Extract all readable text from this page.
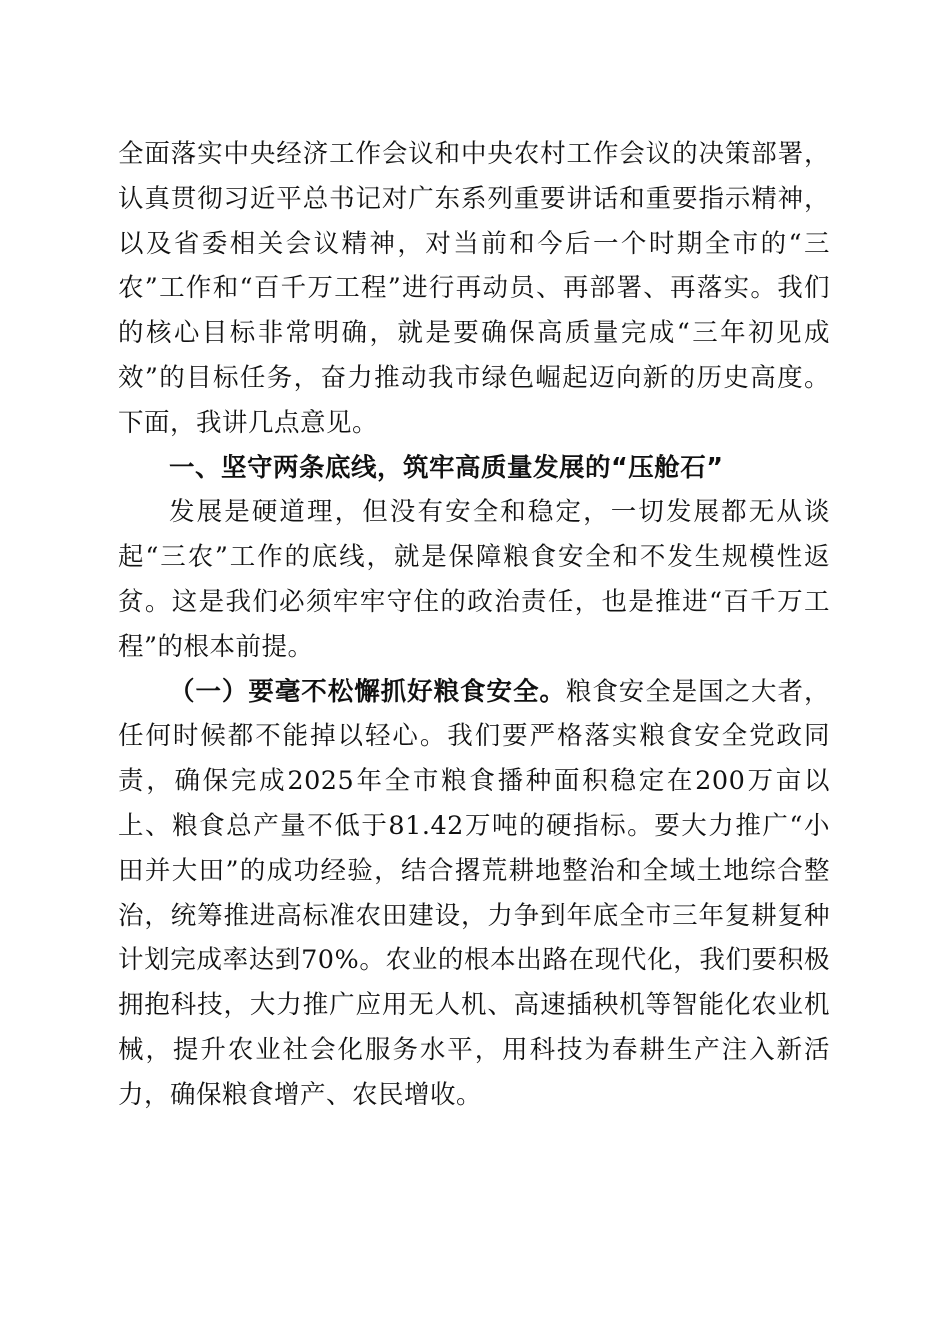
全面落实中央经济工作会议和中央农村工作会议的决策部署，认真贯彻习近平总书记对广东系列重要讲话和重要指示精神，以及省委相关会议精神，对当前和今后一个时期全市的“三农”工作和“百千万工程”进行再动员、再部署、再落实。我们的核心目标非常明确，就是要确保高质量完成“三年初见成效”的目标任务，奋力推动我市绿色崛起迈向新的历史高度。下面，我讲几点意见。

一、坚守两条底线，筑牢高质量发展的“压舱石”

发展是硬道理，但没有安全和稳定，一切发展都无从谈起“三农”工作的底线，就是保障粮食安全和不发生规模性返贫。这是我们必须牢牢守住的政治责任，也是推进“百千万工程”的根本前提。

（一）要毫不松懈抓好粮食安全。粮食安全是国之大者，任何时候都不能掉以轻心。我们要严格落实粮食安全党政同责，确保完成2025年全市粮食播种面积稳定在200万亩以上、粮食总产量不低于81.42万吨的硬指标。要大力推广“小田并大田”的成功经验，结合撂荒耕地整治和全域土地综合整治，统筹推进高标准农田建设，力争到年底全市三年复耕复种计划完成率达到70%。农业的根本出路在现代化，我们要积极拥抱科技，大力推广应用无人机、高速插秧机等智能化农业机械，提升农业社会化服务水平，用科技为春耕生产注入新活力，确保粮食增产、农民增收。
